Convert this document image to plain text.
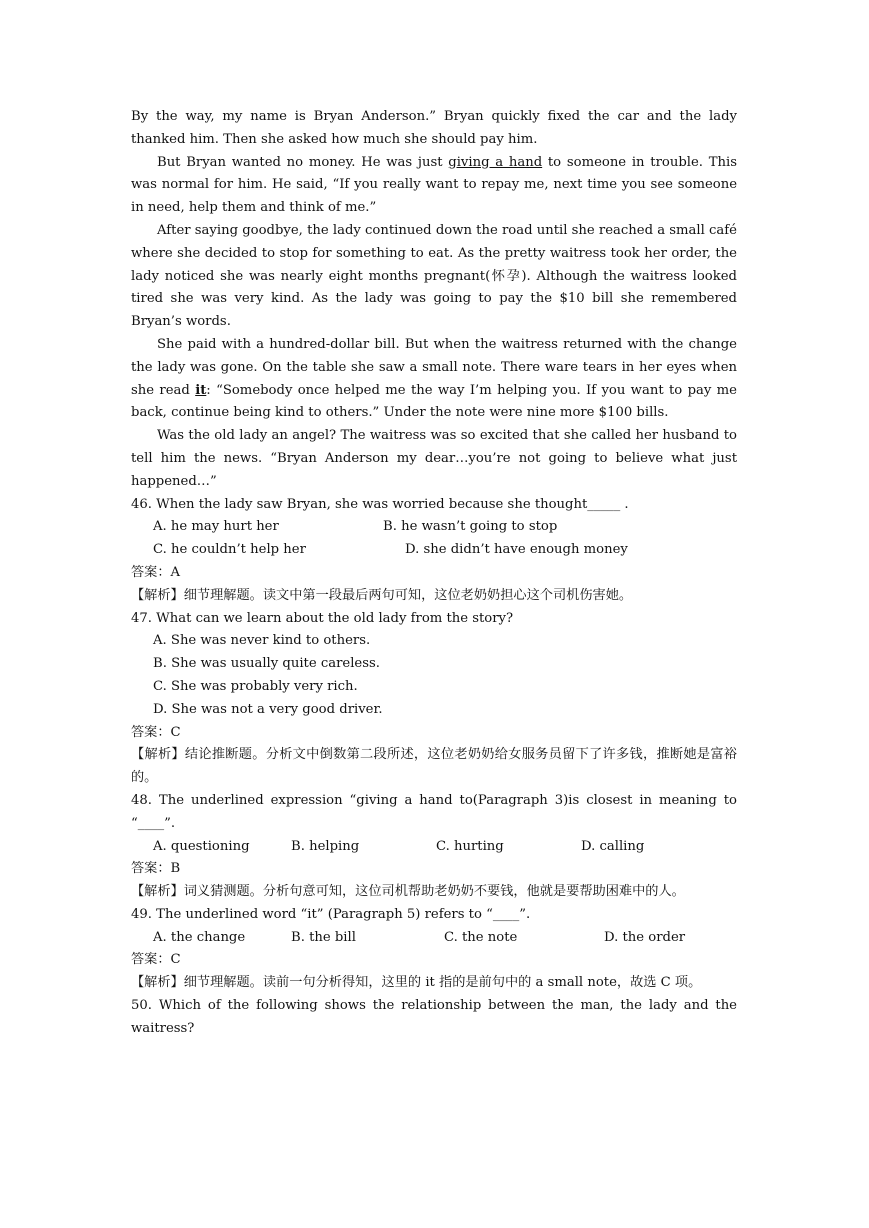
By the way, my name is Bryan Anderson.” Bryan quickly fixed the car and the lady thanked him. Then she asked how much she should pay him.

But Bryan wanted no money. He was just giving a hand to someone in trouble. This was normal for him. He said, “If you really want to repay me, next time you see someone in need, help them and think of me.”

After saying goodbye, the lady continued down the road until she reached a small café where she decided to stop for something to eat. As the pretty waitress took her order, the lady noticed she was nearly eight months pregnant(怀孕). Although the waitress looked tired she was very kind. As the lady was going to pay the $10 bill she remembered Bryan’s words.

She paid with a hundred-dollar bill. But when the waitress returned with the change the lady was gone. On the table she saw a small note. There ware tears in her eyes when she read it: “Somebody once helped me the way I’m helping you. If you want to pay me back, continue being kind to others.” Under the note were nine more $100 bills.

Was the old lady an angel? The waitress was so excited that she called her husband to tell him the news. “Bryan Anderson my dear…you’re not going to believe what just happened…”

46. When the lady saw Bryan, she was worried because she thought_____ .

A. he may hurt her	B. he wasn’t going to stop
C. he couldn’t help her	D. she didn’t have enough money

答案：A

【解析】细节理解题。读文中第一段最后两句可知，这位老奶奶担心这个司机伤害她。

47. What can we learn about the old lady from the story?

A. She was never kind to others.

B. She was usually quite careless.

C. She was probably very rich.

D. She was not a very good driver.

答案：C

【解析】结论推断题。分析文中倒数第二段所述，这位老奶奶给女服务员留下了许多钱，推断她是富裕的。

48. The underlined expression “giving a hand to(Paragraph 3)is closest in meaning to “____”.

A. questioning	B. helping	C. hurting	D. calling

答案：B

【解析】词义猜测题。分析句意可知，这位司机帮助老奶奶不要钱，他就是要帮助困难中的人。

49. The underlined word “it” (Paragraph 5) refers to “____”.

A. the change	B. the bill	C. the note	D. the order

答案：C

【解析】细节理解题。读前一句分析得知，这里的 it 指的是前句中的 a small note，故选 C 项。

50. Which of the following shows the relationship between the man, the lady and the waitress?
